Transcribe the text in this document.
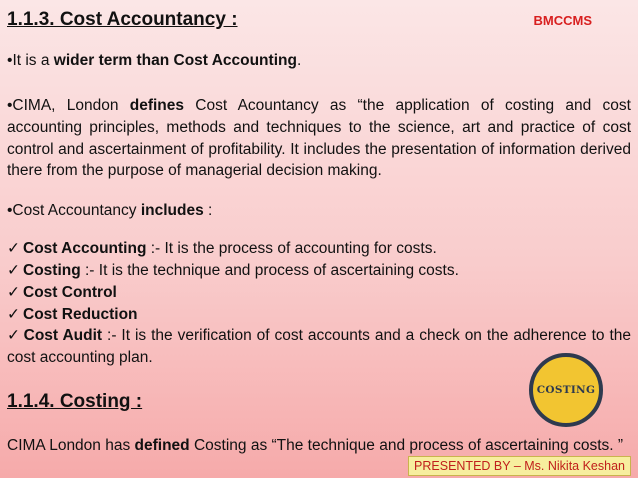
1.1.3. Cost Accountancy :	BMCCMS
•It is a wider term than Cost Accounting.
•CIMA, London defines Cost Acountancy as “the application of costing and cost accounting principles, methods and techniques to the science, art and practice of cost control and ascertainment of profitability. It includes the presentation of information derived there from the purpose of managerial decision making.
•Cost Accountancy includes :
✓ Cost Accounting :- It is the process of accounting for costs.
✓ Costing :- It is the technique and process of ascertaining costs.
✓ Cost Control
✓ Cost Reduction
✓ Cost Audit :- It is the verification of cost accounts and a check on the adherence to the cost accounting plan.
COSTING
1.1.4. Costing :
CIMA London has defined Costing as “The technique and process of ascertaining costs. ”
PRESENTED BY – Ms. Nikita Keshan
